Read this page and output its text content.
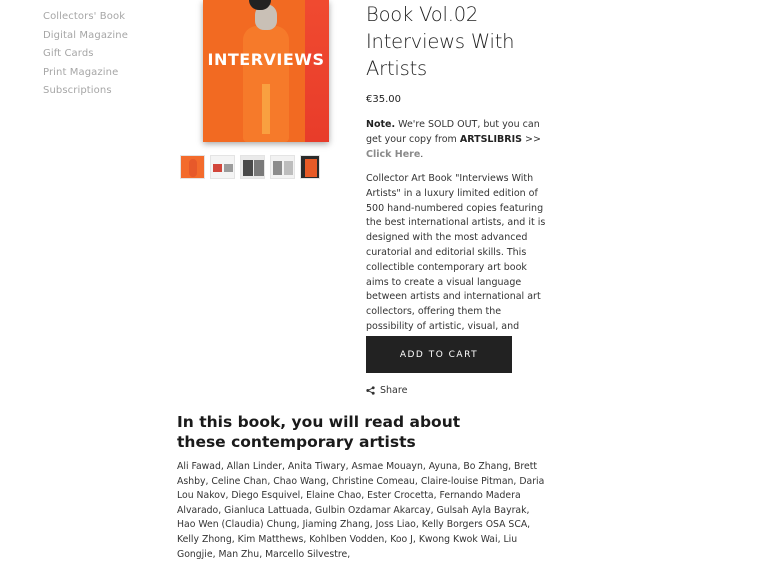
Collectors' Book
Digital Magazine
Gift Cards
Print Magazine
Subscriptions
INTERVIEWS
Book Vol.02
Interviews With Artists
€35.00
Note. We're SOLD OUT, but you can get your copy from ARTSLIBRIS >> Click Here.
Collector Art Book "Interviews With Artists" in a luxury limited edition of 500 hand-numbered copies featuring the best international artists, and it is designed with the most advanced curatorial and editorial skills. This collectible contemporary art book aims to create a visual language between artists and international art collectors, offering them the possibility of artistic, visual, and
ADD TO CART
Share
In this book, you will read about these contemporary artists
Ali Fawad, Allan Linder, Anita Tiwary, Asmae Mouayn, Ayuna, Bo Zhang, Brett Ashby, Celine Chan, Chao Wang, Christine Comeau, Claire-louise Pitman, Daria Lou Nakov, Diego Esquivel, Elaine Chao, Ester Crocetta, Fernando Madera Alvarado, Gianluca Lattuada, Gulbin Ozdamar Akarcay, Gulsah Ayla Bayrak, Hao Wen (Claudia) Chung, Jiaming Zhang, Joss Liao, Kelly Borgers OSA SCA, Kelly Zhong, Kim Matthews, Kohlben Vodden, Koo J, Kwong Kwok Wai, Liu Gongjie, Man Zhu, Marcello Silvestre,
